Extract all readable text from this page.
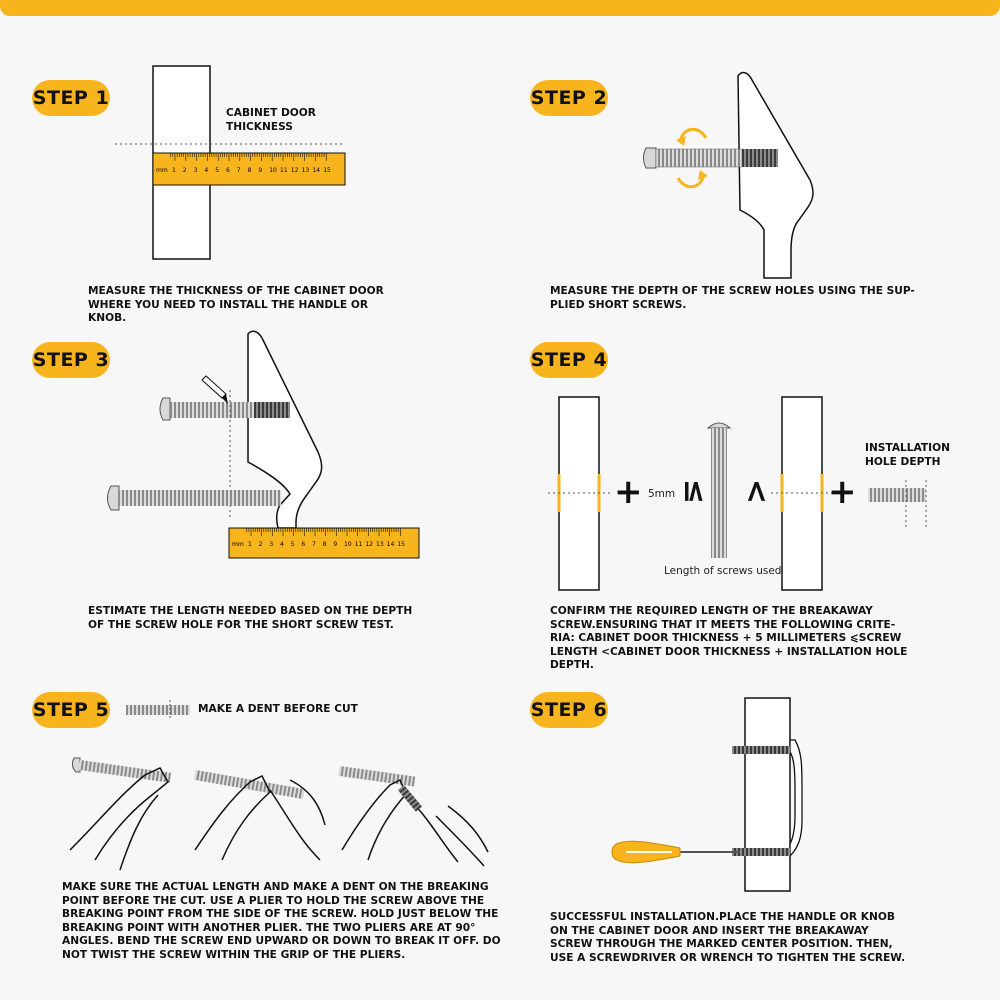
STEP 1	STEP 2
STEP 3	STEP 4
STEP 5	STEP 6
mm 1 2 3 4 5 6 7 8 9 10 11 12 13 14 15
mm 1 2 3 4 5 6 7 8 9 10 11 12 13 14 15
CABINET DOOR
THICKNESS
INSTALLATION
HOLE DEPTH
MAKE A DENT BEFORE CUT
+ 5mm ≤ < +
Length of screws used
MEASURE THE THICKNESS OF THE CABINET DOOR
WHERE YOU NEED TO INSTALL THE HANDLE OR
KNOB.
MEASURE THE DEPTH OF THE SCREW HOLES USING THE SUP-
PLIED SHORT SCREWS.
ESTIMATE THE LENGTH NEEDED BASED ON THE DEPTH
OF THE SCREW HOLE FOR THE SHORT SCREW TEST.
CONFIRM THE REQUIRED LENGTH OF THE BREAKAWAY
SCREW.ENSURING THAT IT MEETS THE FOLLOWING CRITE-
RIA: CABINET DOOR THICKNESS + 5 MILLIMETERS ⩽SCREW
LENGTH <CABINET DOOR THICKNESS + INSTALLATION HOLE
DEPTH.
MAKE SURE THE ACTUAL LENGTH AND MAKE A DENT ON THE BREAKING
POINT BEFORE THE CUT. USE A PLIER TO HOLD THE SCREW ABOVE THE
BREAKING POINT FROM THE SIDE OF THE SCREW. HOLD JUST BELOW THE
BREAKING POINT WITH ANOTHER PLIER. THE TWO PLIERS ARE AT 90°
ANGLES. BEND THE SCREW END UPWARD OR DOWN TO BREAK IT OFF. DO
NOT TWIST THE SCREW WITHIN THE GRIP OF THE PLIERS.
SUCCESSFUL INSTALLATION.PLACE THE HANDLE OR KNOB
ON THE CABINET DOOR AND INSERT THE BREAKAWAY
SCREW THROUGH THE MARKED CENTER POSITION. THEN,
USE A SCREWDRIVER OR WRENCH TO TIGHTEN THE SCREW.
